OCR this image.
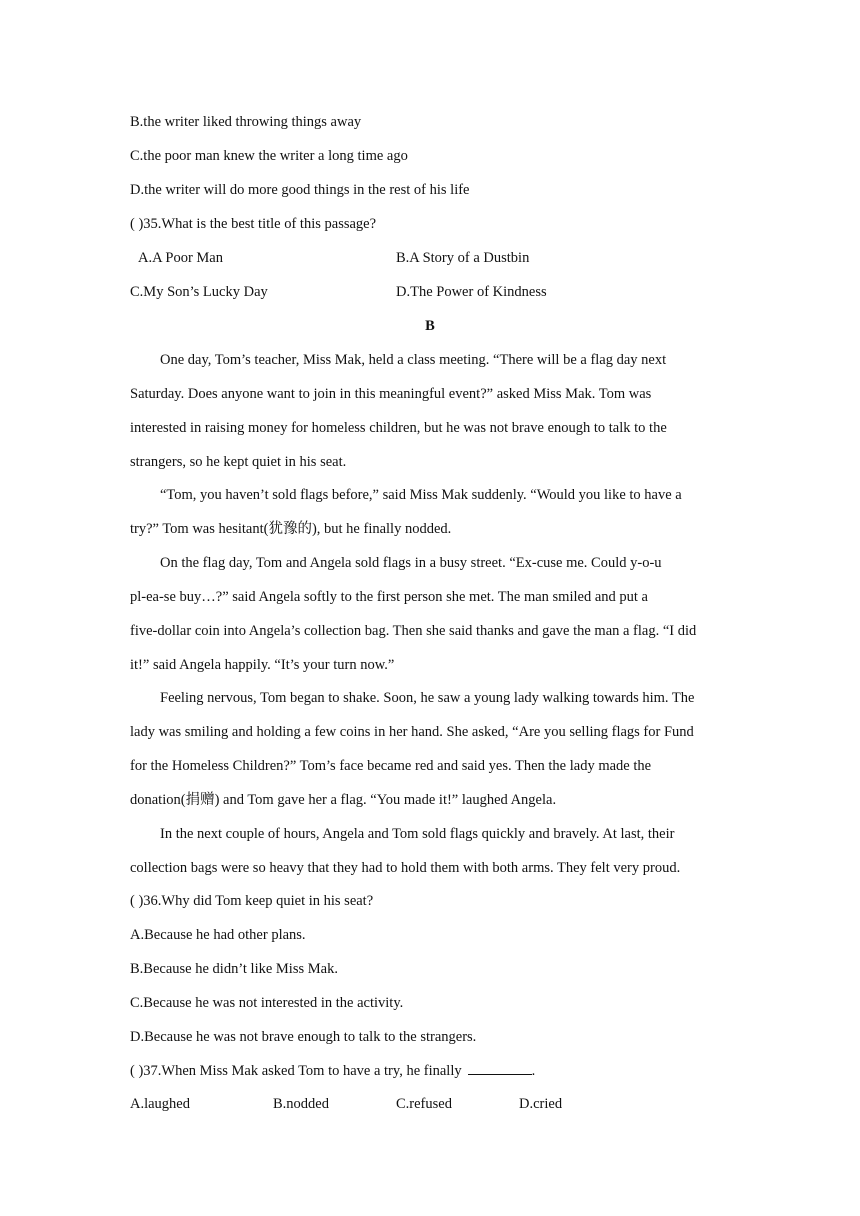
B.the writer liked throwing things away
C.the poor man knew the writer a long time ago
D.the writer will do more good things in the rest of his life
( )35.What is the best title of this passage?
A.A Poor Man	B.A Story of a Dustbin
C.My Son’s Lucky Day	D.The Power of Kindness
B
One day, Tom’s teacher, Miss Mak, held a class meeting. “There will be a flag day next
Saturday. Does anyone want to join in this meaningful event?” asked Miss Mak. Tom was
interested in raising money for homeless children, but he was not brave enough to talk to the
strangers, so he kept quiet in his seat.
“Tom, you haven’t sold flags before,” said Miss Mak suddenly. “Would you like to have a
try?” Tom was hesitant(犹豫的), but he finally nodded.
On the flag day, Tom and Angela sold flags in a busy street. “Ex-cuse me. Could y-o-u
pl-ea-se buy…?” said Angela softly to the first person she met. The man smiled and put a
five-dollar coin into Angela’s collection bag. Then she said thanks and gave the man a flag. “I did
it!” said Angela happily. “It’s your turn now.”
Feeling nervous, Tom began to shake. Soon, he saw a young lady walking towards him. The
lady was smiling and holding a few coins in her hand. She asked, “Are you selling flags for Fund
for the Homeless Children?” Tom’s face became red and said yes. Then the lady made the
donation(捐赠) and Tom gave her a flag. “You made it!” laughed Angela.
In the next couple of hours, Angela and Tom sold flags quickly and bravely. At last, their
collection bags were so heavy that they had to hold them with both arms. They felt very proud.
( )36.Why did Tom keep quiet in his seat?
A.Because he had other plans.
B.Because he didn’t like Miss Mak.
C.Because he was not interested in the activity.
D.Because he was not brave enough to talk to the strangers.
( )37.When Miss Mak asked Tom to have a try, he finally	.
A.laughed	B.nodded	C.refused	D.cried
